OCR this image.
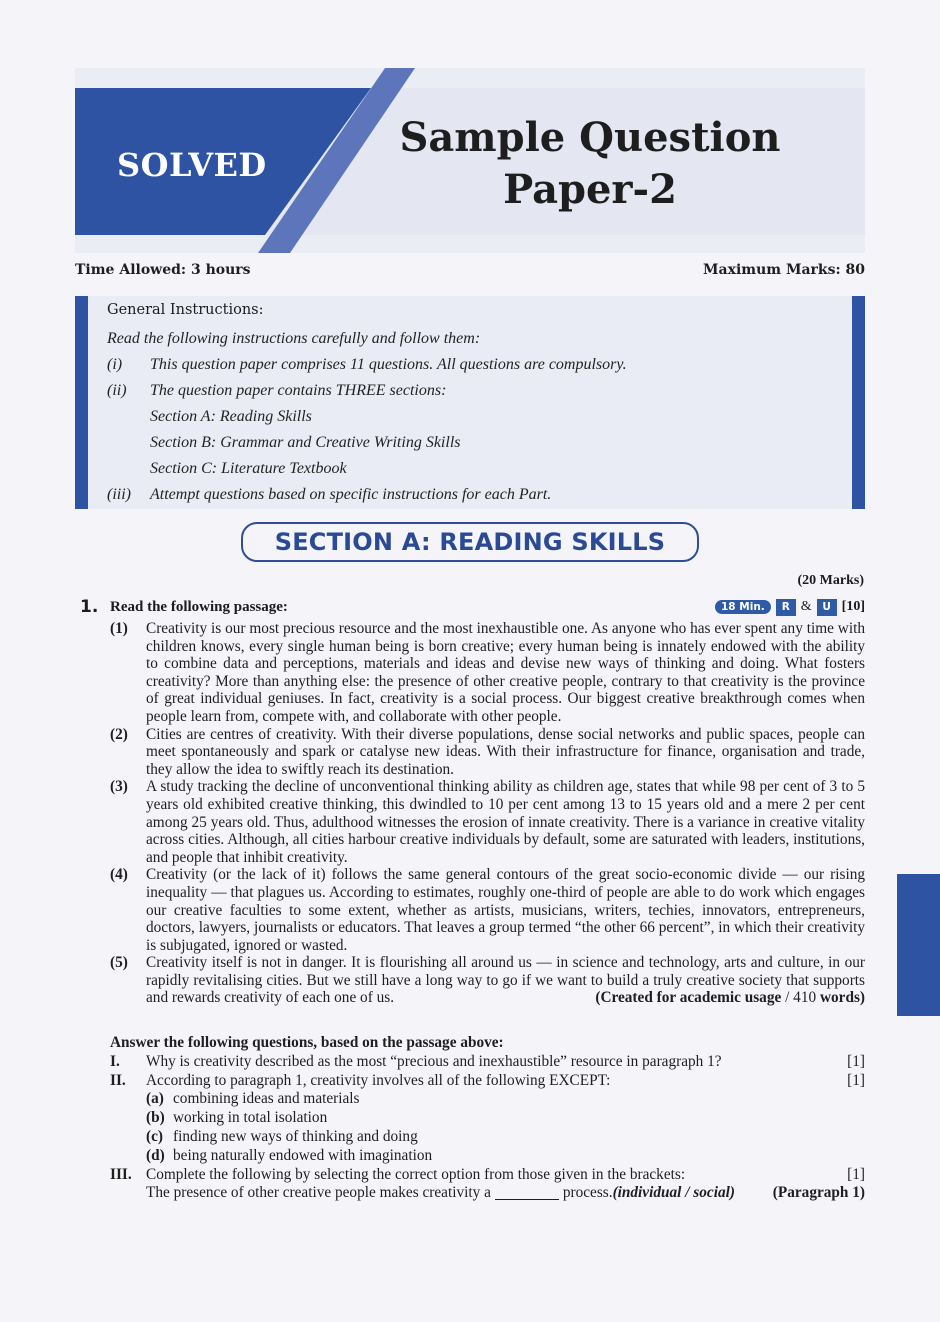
SOLVED
Sample Question
Paper-2
Time Allowed: 3 hours	Maximum Marks: 80
General Instructions:
Read the following instructions carefully and follow them:
(i)	This question paper comprises 11 questions. All questions are compulsory.
(ii)	The question paper contains THREE sections:
Section A: Reading Skills
Section B: Grammar and Creative Writing Skills
Section C: Literature Textbook
(iii)	Attempt questions based on specific instructions for each Part.
SECTION A: READING SKILLS
(20 Marks)
1. Read the following passage:	18 Min.	R &	U [10]
(1)	Creativity is our most precious resource and the most inexhaustible one. As anyone who has ever spent any time with children knows, every single human being is born creative; every human being is innately endowed with the ability to combine data and perceptions, materials and ideas and devise new ways of thinking and doing. What fosters creativity? More than anything else: the presence of other creative people, contrary to that creativity is the province of great individual geniuses. In fact, creativity is a social process. Our biggest creative breakthrough comes when people learn from, compete with, and collaborate with other people.
(2)	Cities are centres of creativity. With their diverse populations, dense social networks and public spaces, people can meet spontaneously and spark or catalyse new ideas. With their infrastructure for finance, organisation and trade, they allow the idea to swiftly reach its destination.
(3)	A study tracking the decline of unconventional thinking ability as children age, states that while 98 per cent of 3 to 5 years old exhibited creative thinking, this dwindled to 10 per cent among 13 to 15 years old and a mere 2 per cent among 25 years old. Thus, adulthood witnesses the erosion of innate creativity. There is a variance in creative vitality across cities. Although, all cities harbour creative individuals by default, some are saturated with leaders, institutions, and people that inhibit creativity.
(4)	Creativity (or the lack of it) follows the same general contours of the great socio-economic divide — our rising inequality — that plagues us. According to estimates, roughly one-third of people are able to do work which engages our creative faculties to some extent, whether as artists, musicians, writers, techies, innovators, entrepreneurs, doctors, lawyers, journalists or educators. That leaves a group termed “the other 66 percent”, in which their creativity is subjugated, ignored or wasted.
(5)	Creativity itself is not in danger. It is flourishing all around us — in science and technology, arts and culture, in our rapidly revitalising cities. But we still have a long way to go if we want to build a truly creative society that supports and rewards creativity of each one of us.	(Created for academic usage / 410 words)
Answer the following questions, based on the passage above:
I.	Why is creativity described as the most “precious and inexhaustible” resource in paragraph 1?	[1]
II.	According to paragraph 1, creativity involves all of the following EXCEPT:	[1]
(a) combining ideas and materials
(b) working in total isolation
(c) finding new ways of thinking and doing
(d) being naturally endowed with imagination
III. Complete the following by selecting the correct option from those given in the brackets:	[1]
The presence of other creative people makes creativity a	process. (individual / social) (Paragraph 1)
